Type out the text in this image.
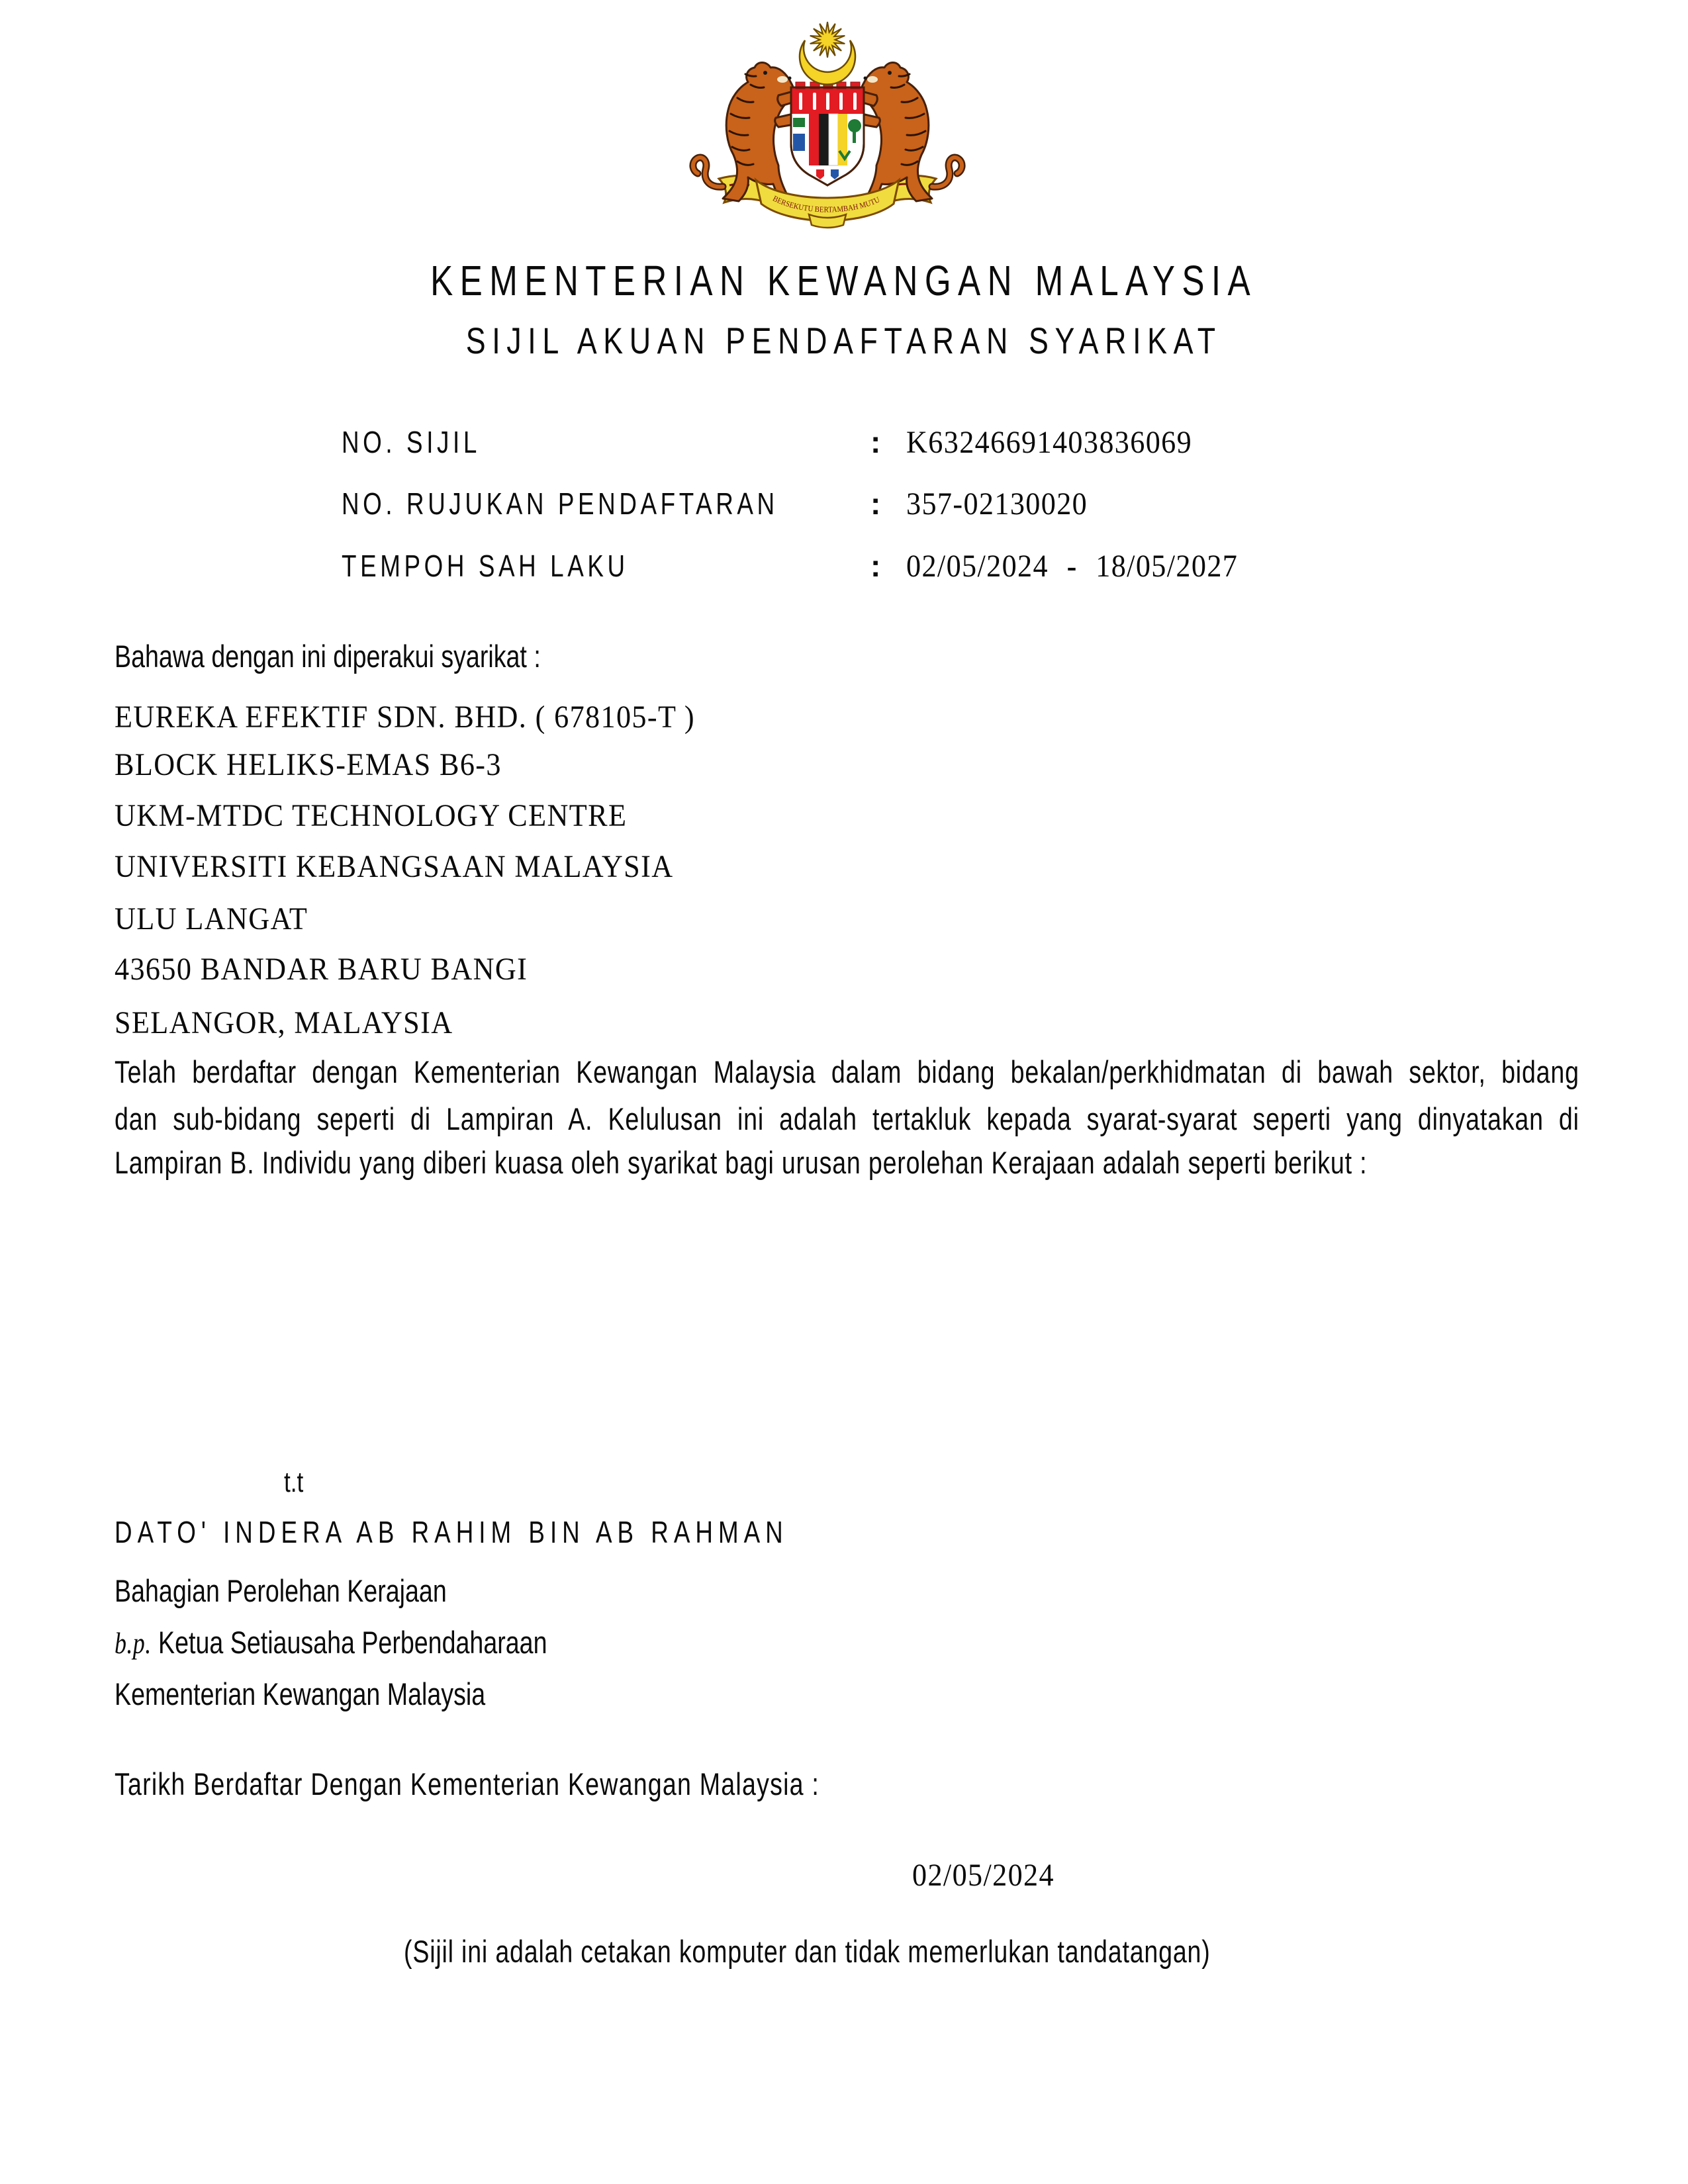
BERSEKUTU BERTAMBAH MUTU
KEMENTERIAN KEWANGAN MALAYSIA
SIJIL AKUAN PENDAFTARAN SYARIKAT
NO. SIJIL	: K63246691403836069
NO. RUJUKAN PENDAFTARAN	: 357-02130020
TEMPOH SAH LAKU	: 02/05/2024 - 18/05/2027
Bahawa dengan ini diperakui syarikat :
EUREKA EFEKTIF SDN. BHD. ( 678105-T )
BLOCK HELIKS-EMAS B6-3
UKM-MTDC TECHNOLOGY CENTRE
UNIVERSITI KEBANGSAAN MALAYSIA
ULU LANGAT
43650 BANDAR BARU BANGI
SELANGOR, MALAYSIA
Telah berdaftar dengan Kementerian Kewangan Malaysia dalam bidang bekalan/perkhidmatan di bawah sektor, bidang
dan sub-bidang seperti di Lampiran A. Kelulusan ini adalah tertakluk kepada syarat-syarat seperti yang dinyatakan di
Lampiran B. Individu yang diberi kuasa oleh syarikat bagi urusan perolehan Kerajaan adalah seperti berikut :
t.t
DATO' INDERA AB RAHIM BIN AB RAHMAN
Bahagian Perolehan Kerajaan
b.p. Ketua Setiausaha Perbendaharaan
Kementerian Kewangan Malaysia
Tarikh Berdaftar Dengan Kementerian Kewangan Malaysia :
02/05/2024
(Sijil ini adalah cetakan komputer dan tidak memerlukan tandatangan)
